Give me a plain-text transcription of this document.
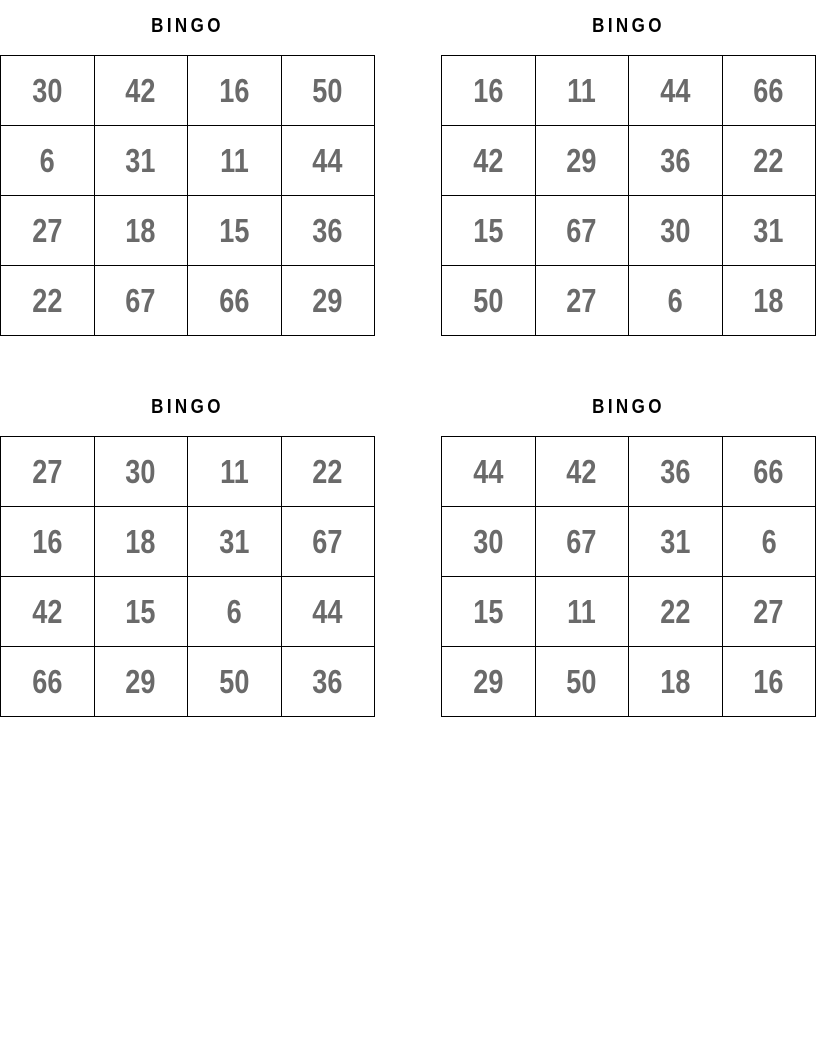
BINGO
30 42 16 50
6 31 11 44
27 18 15 36
22 67 66 29
BINGO
16 11 44 66
42 29 36 22
15 67 30 31
50 27 6 18
BINGO
27 30 11 22
16 18 31 67
42 15 6 44
66 29 50 36
BINGO
44 42 36 66
30 67 31 6
15 11 22 27
29 50 18 16
